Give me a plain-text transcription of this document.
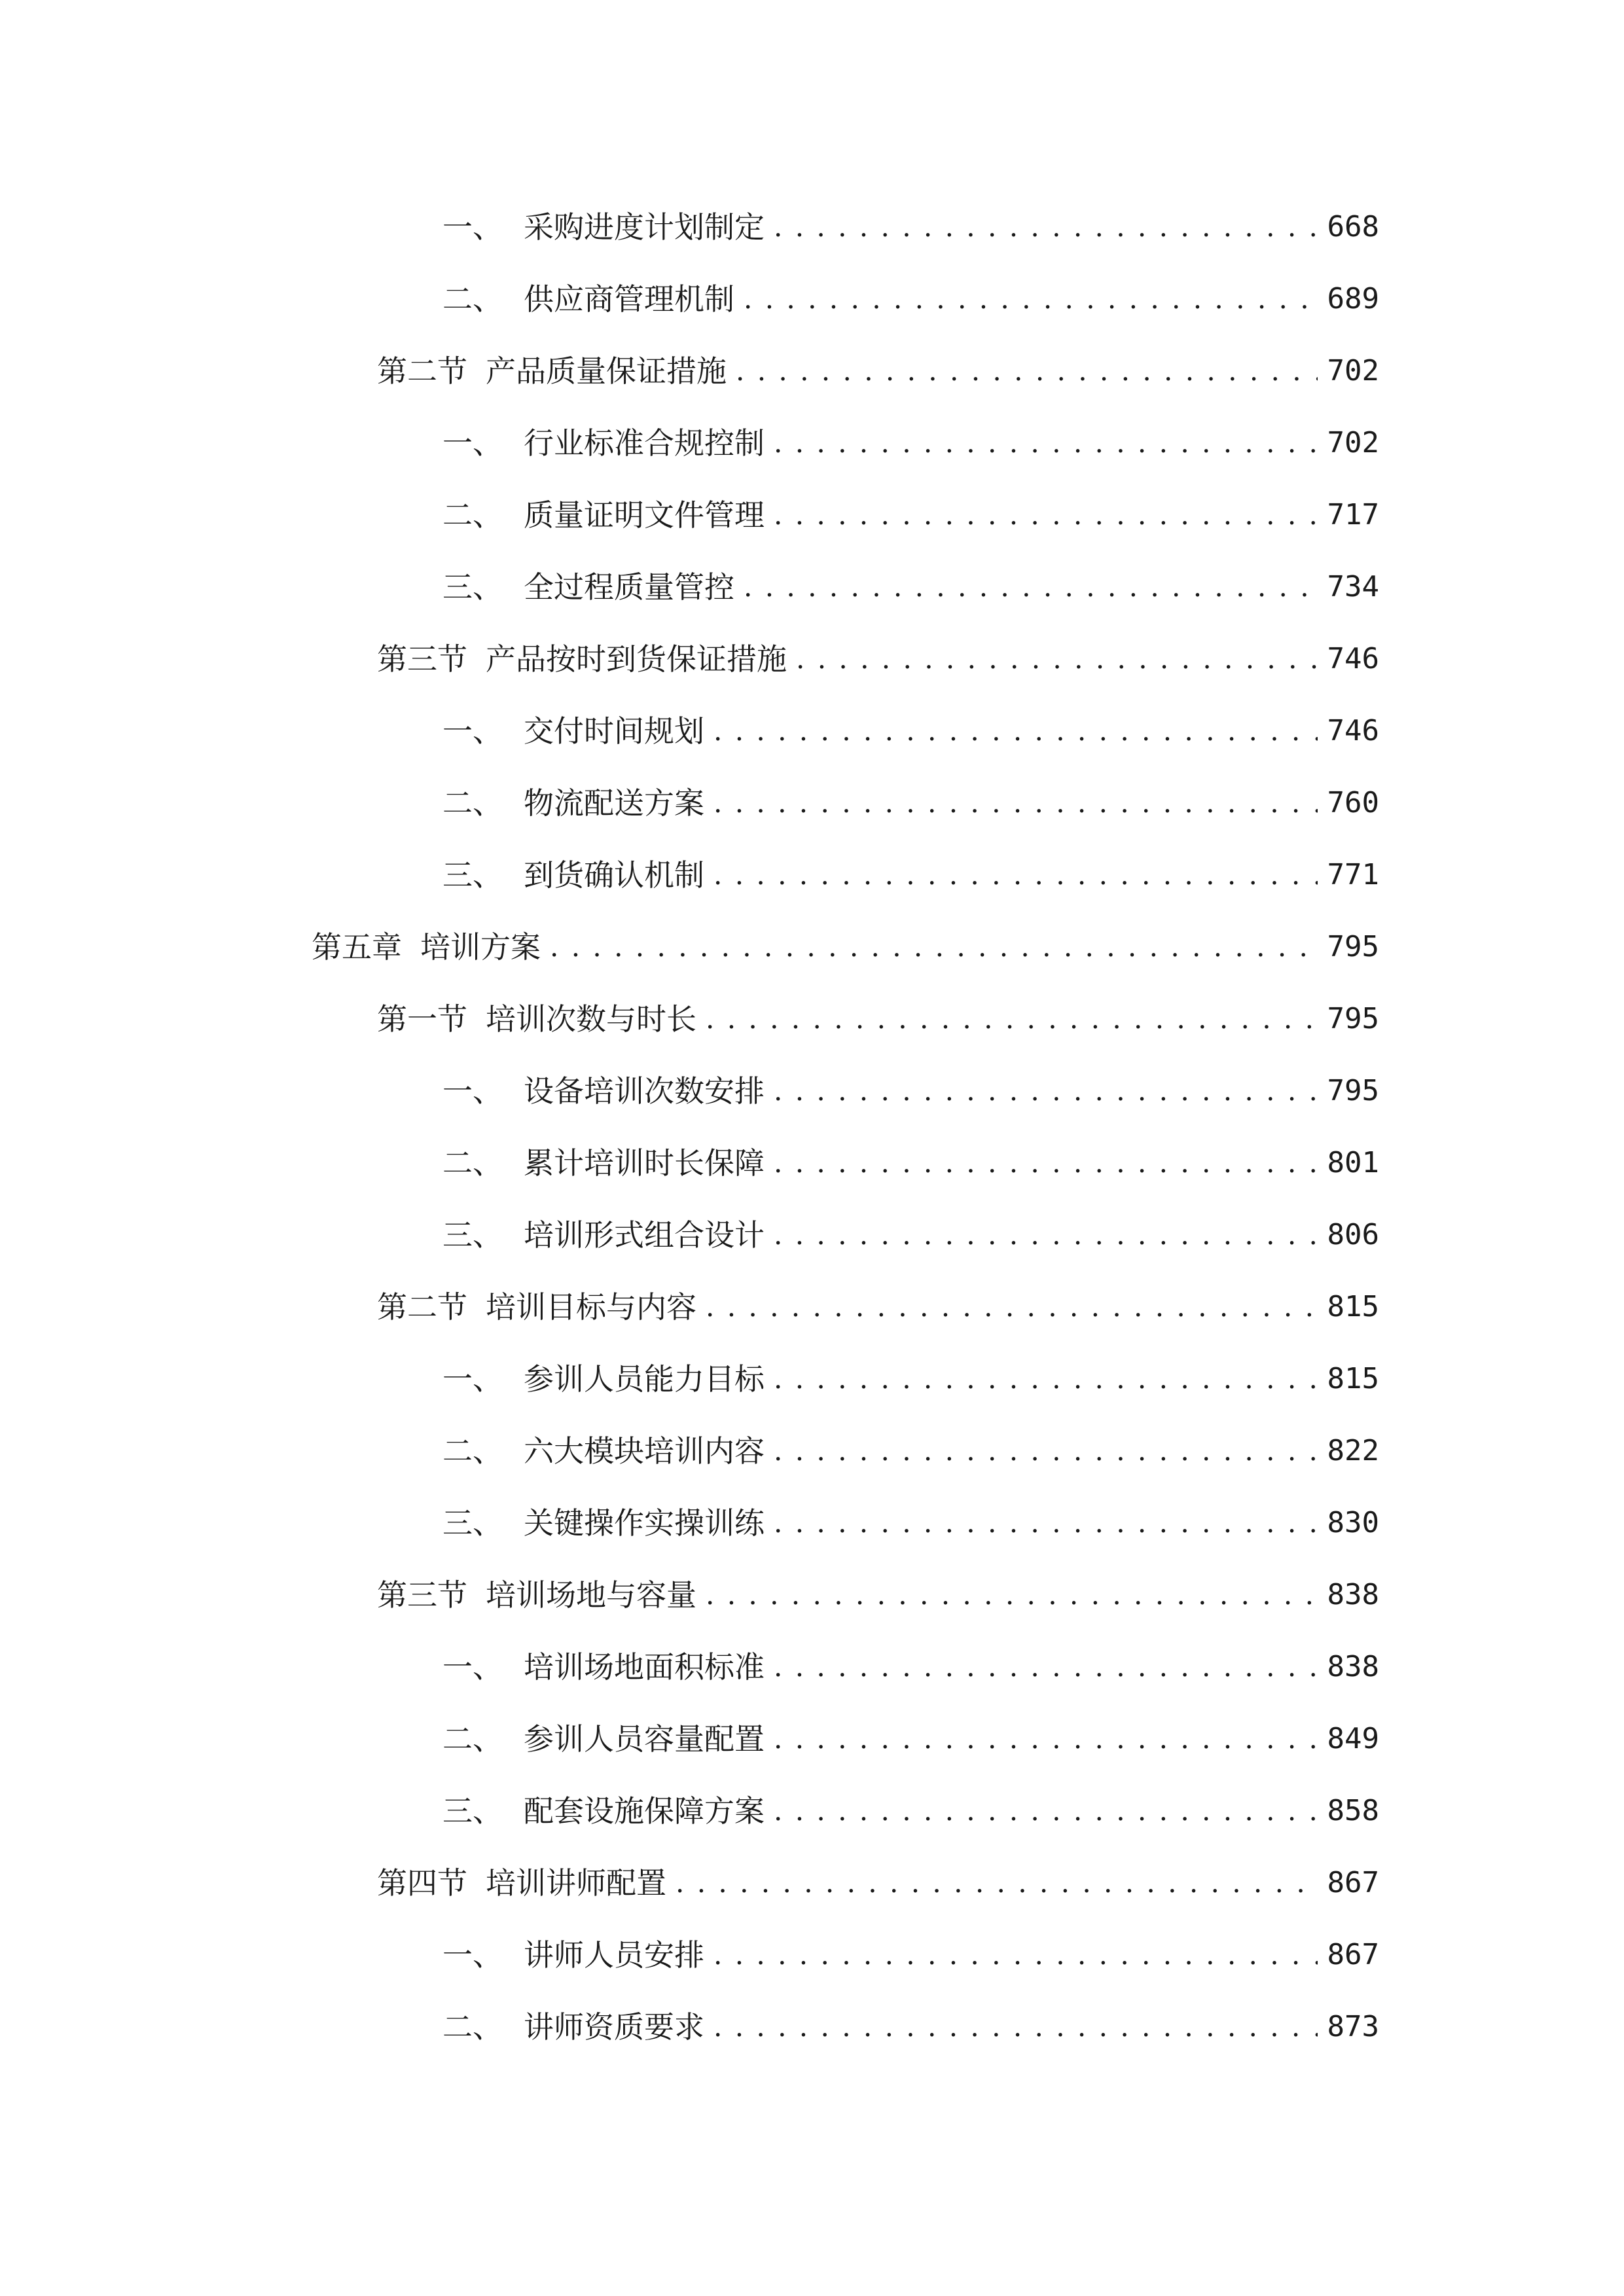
一、 采购进度计划制定 . . .	668
二、 供应商管理机制 . . .	689
第二节 产品质量保证措施 . . .	702
一、 行业标准合规控制 . . .	702
二、 质量证明文件管理 . . .	717
三、 全过程质量管控 . . .	734
第三节 产品按时到货保证措施 . . .	746
一、 交付时间规划 . . .	746
二、 物流配送方案 . . .	760
三、 到货确认机制 . . .	771
第五章 培训方案 . . .	795
第一节 培训次数与时长 . . .	795
一、 设备培训次数安排 . . .	795
二、 累计培训时长保障 . . .	801
三、 培训形式组合设计 . . .	806
第二节 培训目标与内容 . . .	815
一、 参训人员能力目标 . . .	815
二、 六大模块培训内容 . . .	822
三、 关键操作实操训练 . . .	830
第三节 培训场地与容量 . . .	838
一、 培训场地面积标准 . . .	838
二、 参训人员容量配置 . . .	849
三、 配套设施保障方案 . . .	858
第四节 培训讲师配置 . . .	867
一、 讲师人员安排 . . .	867
二、 讲师资质要求 . . .	873
